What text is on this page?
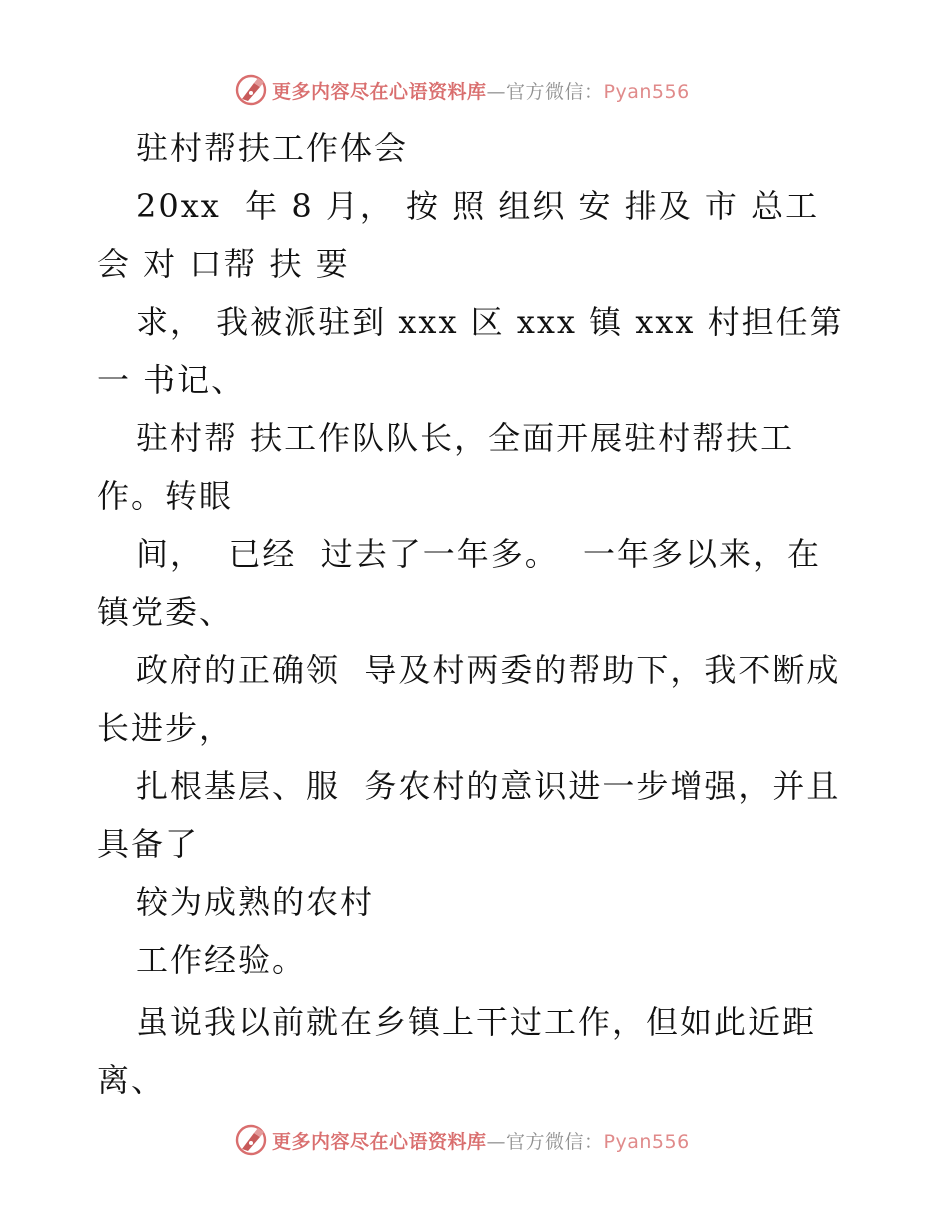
更多内容尽在心语资料库—官方微信：Pyan556
驻村帮扶工作体会
20xx  年 8 月， 按 照 组织 安 排及 市 总工
会 对 口帮 扶 要
求， 我被派驻到 xxx 区 xxx 镇 xxx 村担任第
一 书记、
驻村帮 扶工作队队长，全面开展驻村帮扶工
作。转眼
间，  已经  过去了一年多。  一年多以来，在
镇党委、
政府的正确领  导及村两委的帮助下，我不断成
长进步，
扎根基层、服  务农村的意识进一步增强，并且
具备了
较为成熟的农村
工作经验。
虽说我以前就在乡镇上干过工作，但如此近距
离、
更多内容尽在心语资料库—官方微信：Pyan556
